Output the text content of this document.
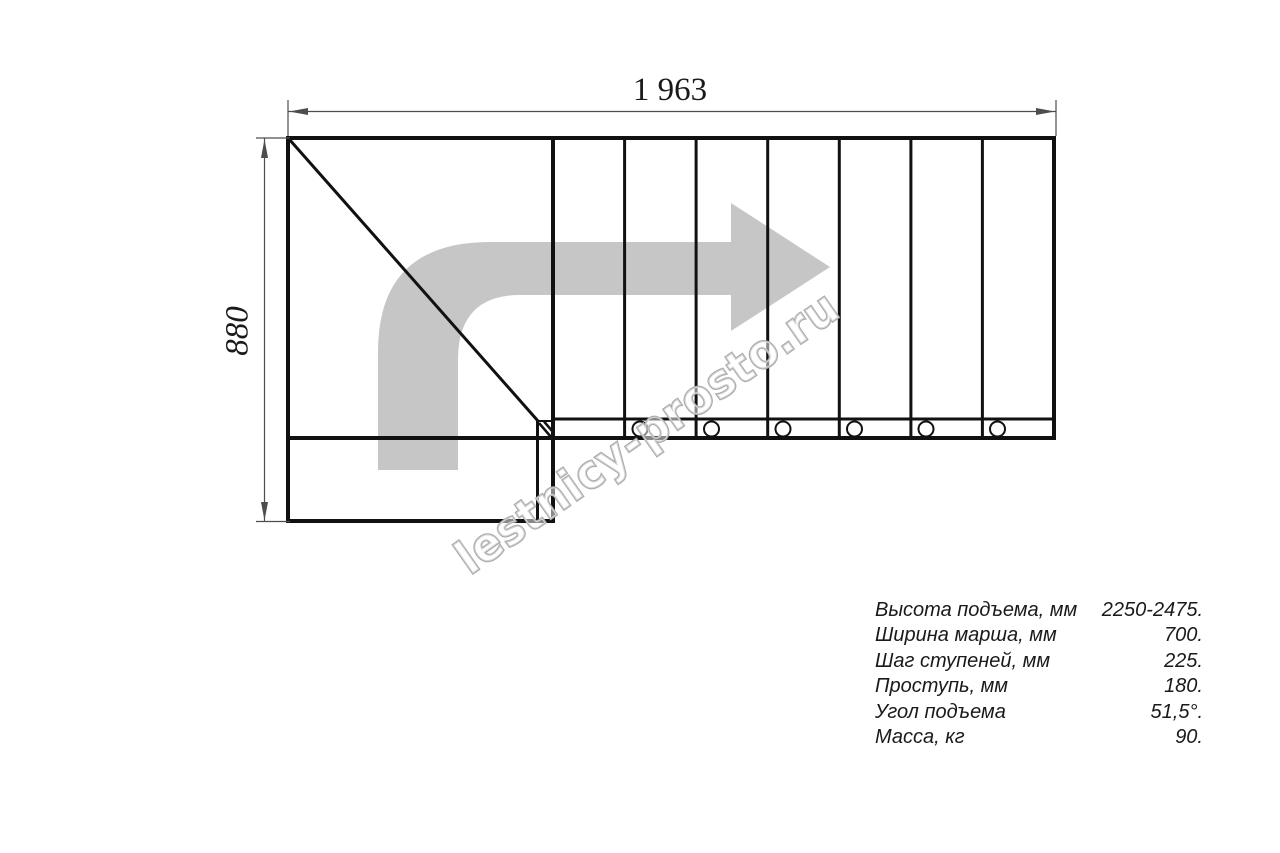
1 963
880	lestnicy-prosto.ru
Высота подъема, мм 2250-2475.
Ширина марша, мм	700.
Шаг ступеней, мм	225.
Проступь, мм	180.
Угол подъема	51,5°.
Масса, кг	90.
